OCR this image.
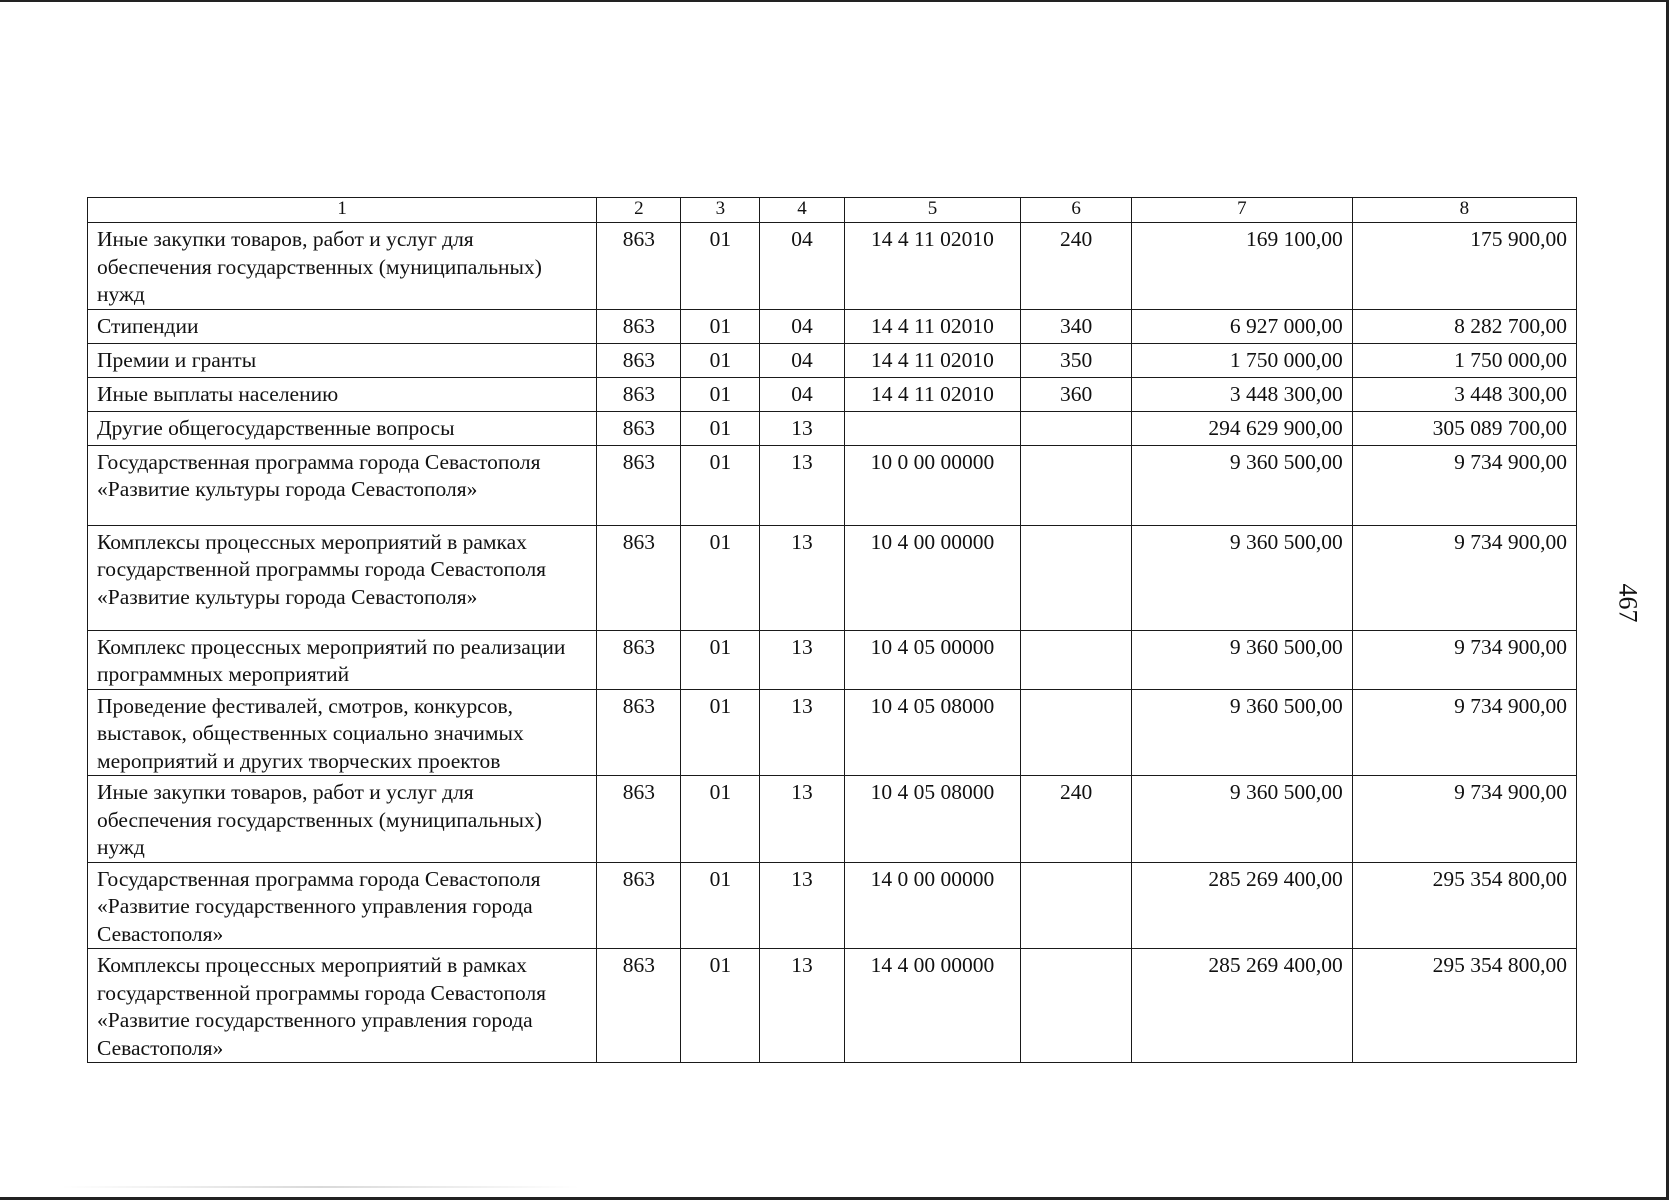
1	2	3	4	5	6	7	8
Иные закупки товаров, работ и услуг для обеспечения государственных (муниципальных) нужд	863	01	04	14 4 11 02010	240	169 100,00	175 900,00
Стипендии	863	01	04	14 4 11 02010	340	6 927 000,00	8 282 700,00
Премии и гранты	863	01	04	14 4 11 02010	350	1 750 000,00	1 750 000,00
Иные выплаты населению	863	01	04	14 4 11 02010	360	3 448 300,00	3 448 300,00
Другие общегосударственные вопросы	863	01	13			294 629 900,00	305 089 700,00
Государственная программа города Севастополя «Развитие культуры города Севастополя»	863	01	13	10 0 00 00000		9 360 500,00	9 734 900,00
Комплексы процессных мероприятий в рамках государственной программы города Севастополя «Развитие культуры города Севастополя»	863	01	13	10 4 00 00000		9 360 500,00	9 734 900,00
Комплекс процессных мероприятий по реализации программных мероприятий	863	01	13	10 4 05 00000		9 360 500,00	9 734 900,00
Проведение фестивалей, смотров, конкурсов, выставок, общественных социально значимых мероприятий и других творческих проектов	863	01	13	10 4 05 08000		9 360 500,00	9 734 900,00
Иные закупки товаров, работ и услуг для обеспечения государственных (муниципальных) нужд	863	01	13	10 4 05 08000	240	9 360 500,00	9 734 900,00
Государственная программа города Севастополя «Развитие государственного управления города Севастополя»	863	01	13	14 0 00 00000		285 269 400,00	295 354 800,00
Комплексы процессных мероприятий в рамках государственной программы города Севастополя «Развитие государственного управления города Севастополя»	863	01	13	14 4 00 00000		285 269 400,00	295 354 800,00
467
